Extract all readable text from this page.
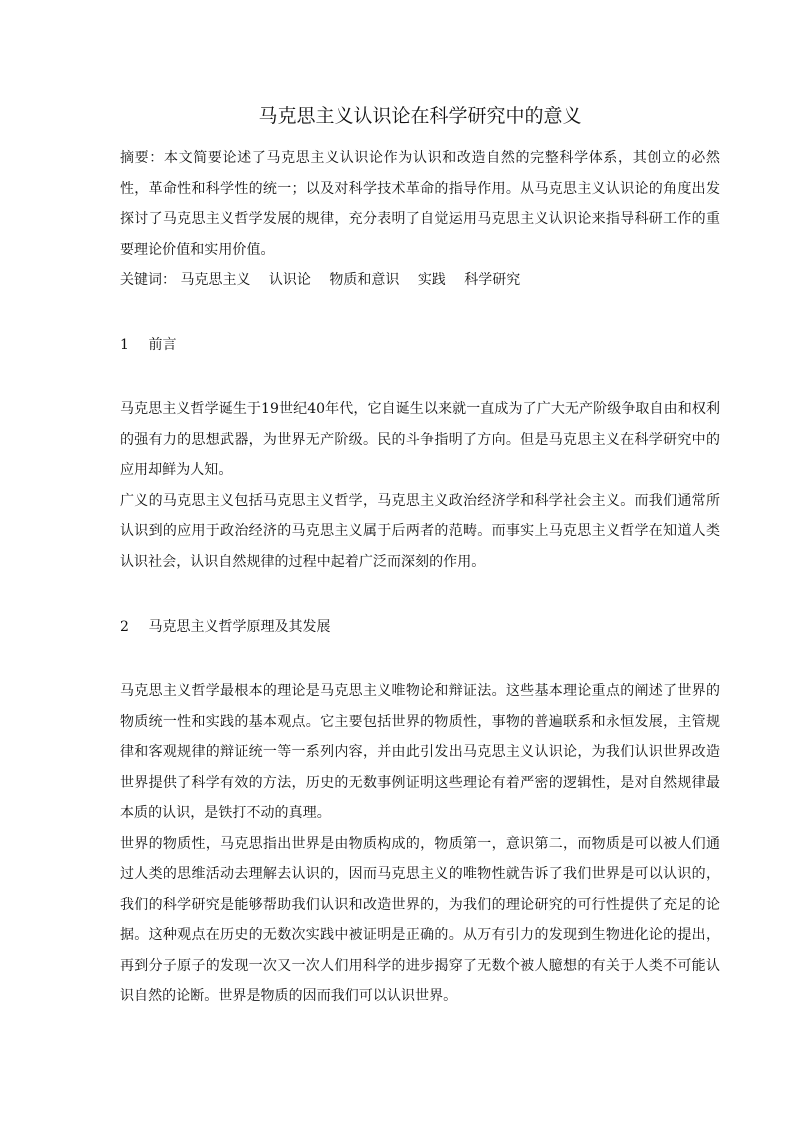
马克思主义认识论在科学研究中的意义

摘要：本文简要论述了马克思主义认识论作为认识和改造自然的完整科学体系，其创立的必然性，革命性和科学性的统一；以及对科学技术革命的指导作用。从马克思主义认识论的角度出发探讨了马克思主义哲学发展的规律，充分表明了自觉运用马克思主义认识论来指导科研工作的重要理论价值和实用价值。

关键词： 马克思主义 认识论 物质和意识 实践 科学研究

1 前言

马克思主义哲学诞生于19世纪40年代，它自诞生以来就一直成为了广大无产阶级争取自由和权利的强有力的思想武器，为世界无产阶级。民的斗争指明了方向。但是马克思主义在科学研究中的应用却鲜为人知。

广义的马克思主义包括马克思主义哲学，马克思主义政治经济学和科学社会主义。而我们通常所认识到的应用于政治经济的马克思主义属于后两者的范畴。而事实上马克思主义哲学在知道人类认识社会，认识自然规律的过程中起着广泛而深刻的作用。

2 马克思主义哲学原理及其发展

马克思主义哲学最根本的理论是马克思主义唯物论和辩证法。这些基本理论重点的阐述了世界的物质统一性和实践的基本观点。它主要包括世界的物质性，事物的普遍联系和永恒发展，主管规律和客观规律的辩证统一等一系列内容，并由此引发出马克思主义认识论，为我们认识世界改造世界提供了科学有效的方法，历史的无数事例证明这些理论有着严密的逻辑性，是对自然规律最本质的认识，是铁打不动的真理。

世界的物质性，马克思指出世界是由物质构成的，物质第一，意识第二，而物质是可以被人们通过人类的思维活动去理解去认识的，因而马克思主义的唯物性就告诉了我们世界是可以认识的，我们的科学研究是能够帮助我们认识和改造世界的，为我们的理论研究的可行性提供了充足的论据。这种观点在历史的无数次实践中被证明是正确的。从万有引力的发现到生物进化论的提出，再到分子原子的发现一次又一次人们用科学的进步揭穿了无数个被人臆想的有关于人类不可能认识自然的论断。世界是物质的因而我们可以认识世界。
